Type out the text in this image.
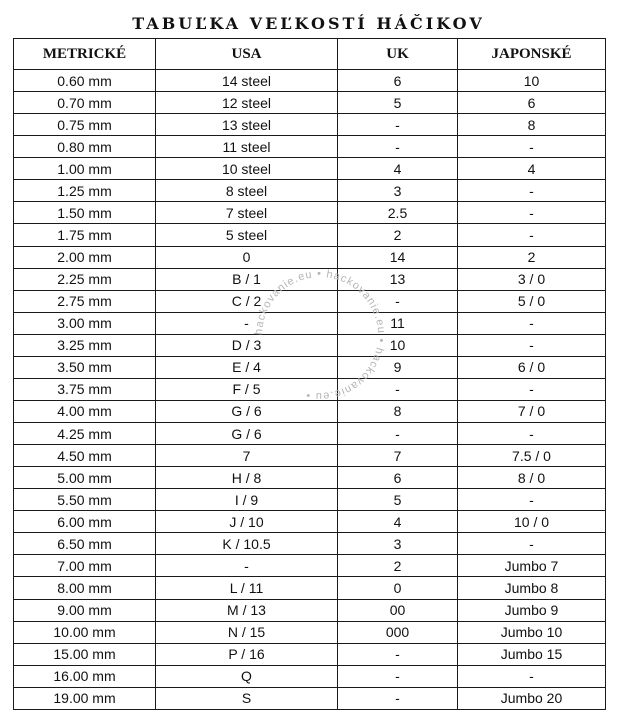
TABUĽKA VEĽKOSTÍ HÁČIKOV
METRICKÉ	USA	UK	JAPONSKÉ
0.60 mm	14 steel	6	10
0.70 mm	12 steel	5	6
0.75 mm	13 steel	-	8
0.80 mm	11 steel	-	-
1.00 mm	10 steel	4	4
1.25 mm	8 steel	3	-
1.50 mm	7 steel	2.5	-
1.75 mm	5 steel	2	-
2.00 mm	0	14	2
2.25 mm	B / 1	13	3 / 0
2.75 mm	C / 2	-	5 / 0
3.00 mm	-	11	-
3.25 mm	D / 3	10	-
3.50 mm	E / 4	9	6 / 0
3.75 mm	F / 5	-	-
4.00 mm	G / 6	8	7 / 0
4.25 mm	G / 6	-	-
4.50 mm	7	7	7.5 / 0
5.00 mm	H / 8	6	8 / 0
5.50 mm	I / 9	5	-
6.00 mm	J / 10	4	10 / 0
6.50 mm	K / 10.5	3	-
7.00 mm	-	2	Jumbo 7
8.00 mm	L / 11	0	Jumbo 8
9.00 mm	M / 13	00	Jumbo 9
10.00 mm	N / 15	000	Jumbo 10
15.00 mm	P / 16	-	Jumbo 15
16.00 mm	Q	-	-
19.00 mm	S	-	Jumbo 20
hackovanie.eu • hackovanie.eu • hackovanie.eu •
